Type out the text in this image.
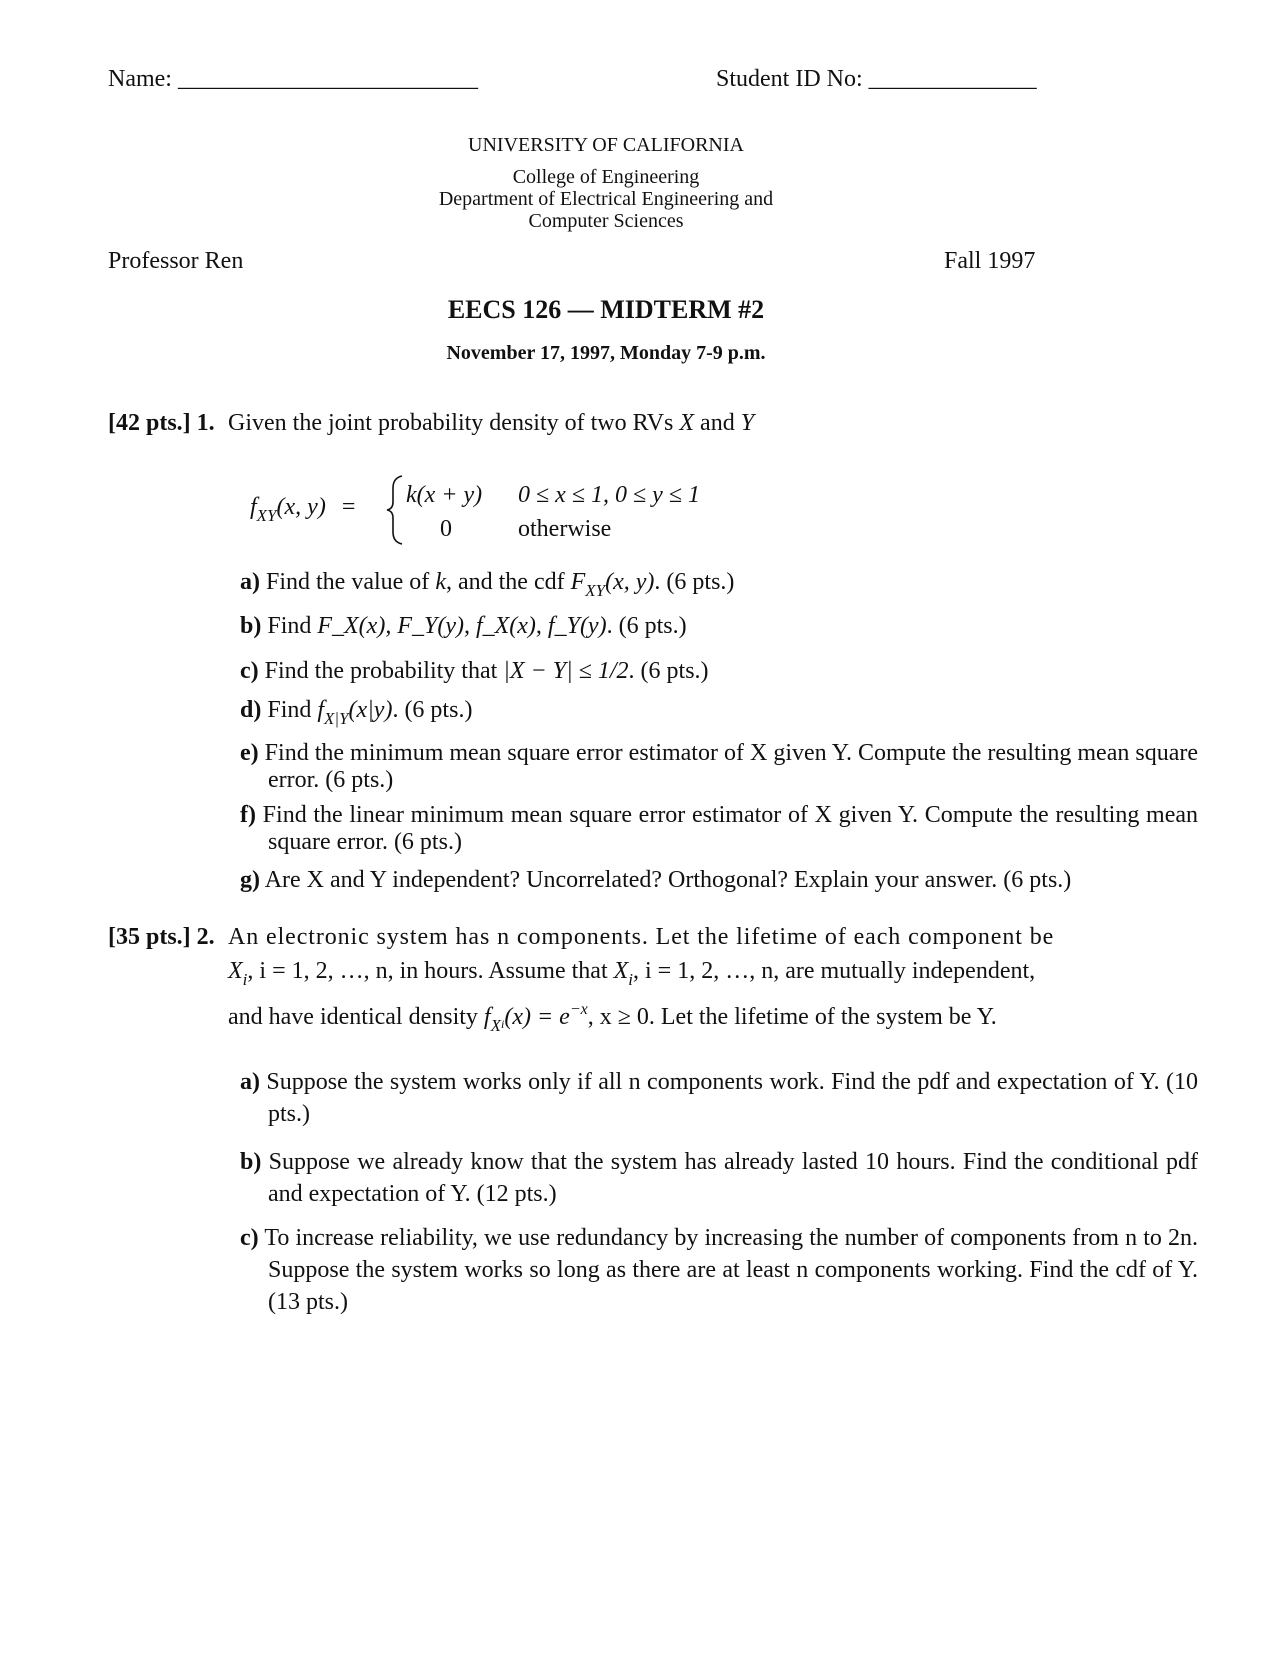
Name: _________________________	Student ID No: ______________
UNIVERSITY OF CALIFORNIA
College of Engineering
Department of Electrical Engineering and
Computer Sciences
Professor Ren	Fall 1997
EECS 126 — MIDTERM #2
November 17, 1997, Monday 7-9 p.m.
[42 pts.] 1. Given the joint probability density of two RVs X and Y
$f_{XY}(x$, y) = k(x + y) 0 ≤ x ≤ 1, 0 ≤ y ≤ 1
0	otherwise
a) Find the value of k, and the cdf $F_{XY}(x$, y). (6 pts.)
b) Find F_X(x), F_Y(y), f_X(x), f_Y(y). (6 pts.)
c) Find the probability that |X − Y| ≤ 1/2. (6 pts.)
d) Find $f_{X|Y}(x|y)$. (6 pts.)
e) Find the minimum mean square error estimator of X given Y. Compute the resulting mean square error. (6 pts.)
f) Find the linear minimum mean square error estimator of X given Y. Compute the resulting mean square error. (6 pts.)
g) Are X and Y independent? Uncorrelated? Orthogonal? Explain your answer. (6 pts.)
[35 pts.] 2. An electronic system has n components. Let the lifetime of each component be
$X_i$, i = 1, 2, …, n, in hours. Assume that $X_i$, i = 1, 2, …, n, are mutually independent,
and have identical density $f_Xi(x) = e^{-x}$, x ≥ 0. Let the lifetime of the system be Y.
a) Suppose the system works only if all n components work. Find the pdf and expectation of Y. (10 pts.)
b) Suppose we already know that the system has already lasted 10 hours. Find the conditional pdf and expectation of Y. (12 pts.)
c) To increase reliability, we use redundancy by increasing the number of components from n to 2n. Suppose the system works so long as there are at least n components working. Find the cdf of Y. (13 pts.)
